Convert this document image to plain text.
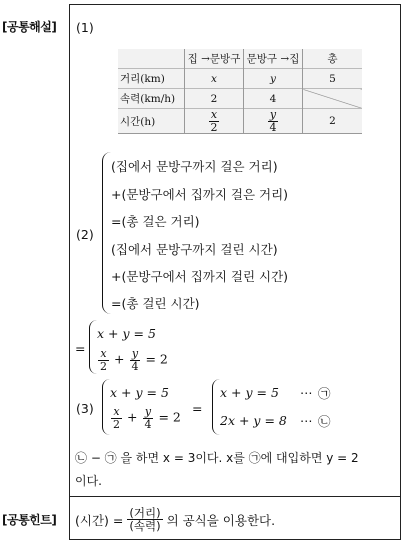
[공통해설]
[공통힌트]
(1)
	집 →문방구	문방구 →집	총
거리(km)	x	y	5
속력(km/h)	2	4	
시간(h)	$\frac{x}{2}$	$\frac{y}{4}$	2
(2)
(집에서 문방구까지 걸은 거리)
+(문방구에서 집까지 걸은 거리)
=(총 걸은 거리)
(집에서 문방구까지 걸린 시간)
+(문방구에서 집까지 걸린 시간)
=(총 걸린 시간)
=
x + y = 5
$\frac{x}{2} + \frac{y}{4} = 2$
(3)
x + y = 5
$\frac{x}{2} + \frac{y}{4} = 2$
=
x + y = 5 ⋯ ㉠
2x + y = 8 ⋯ ㉡
㉡ − ㉠ 을 하면 x = 3이다. x를 ㉠에 대입하면 y = 2
이다.
(시간) = $\frac{\text{(거리)}}{\text{(속력)}}$ 의 공식을 이용한다.
